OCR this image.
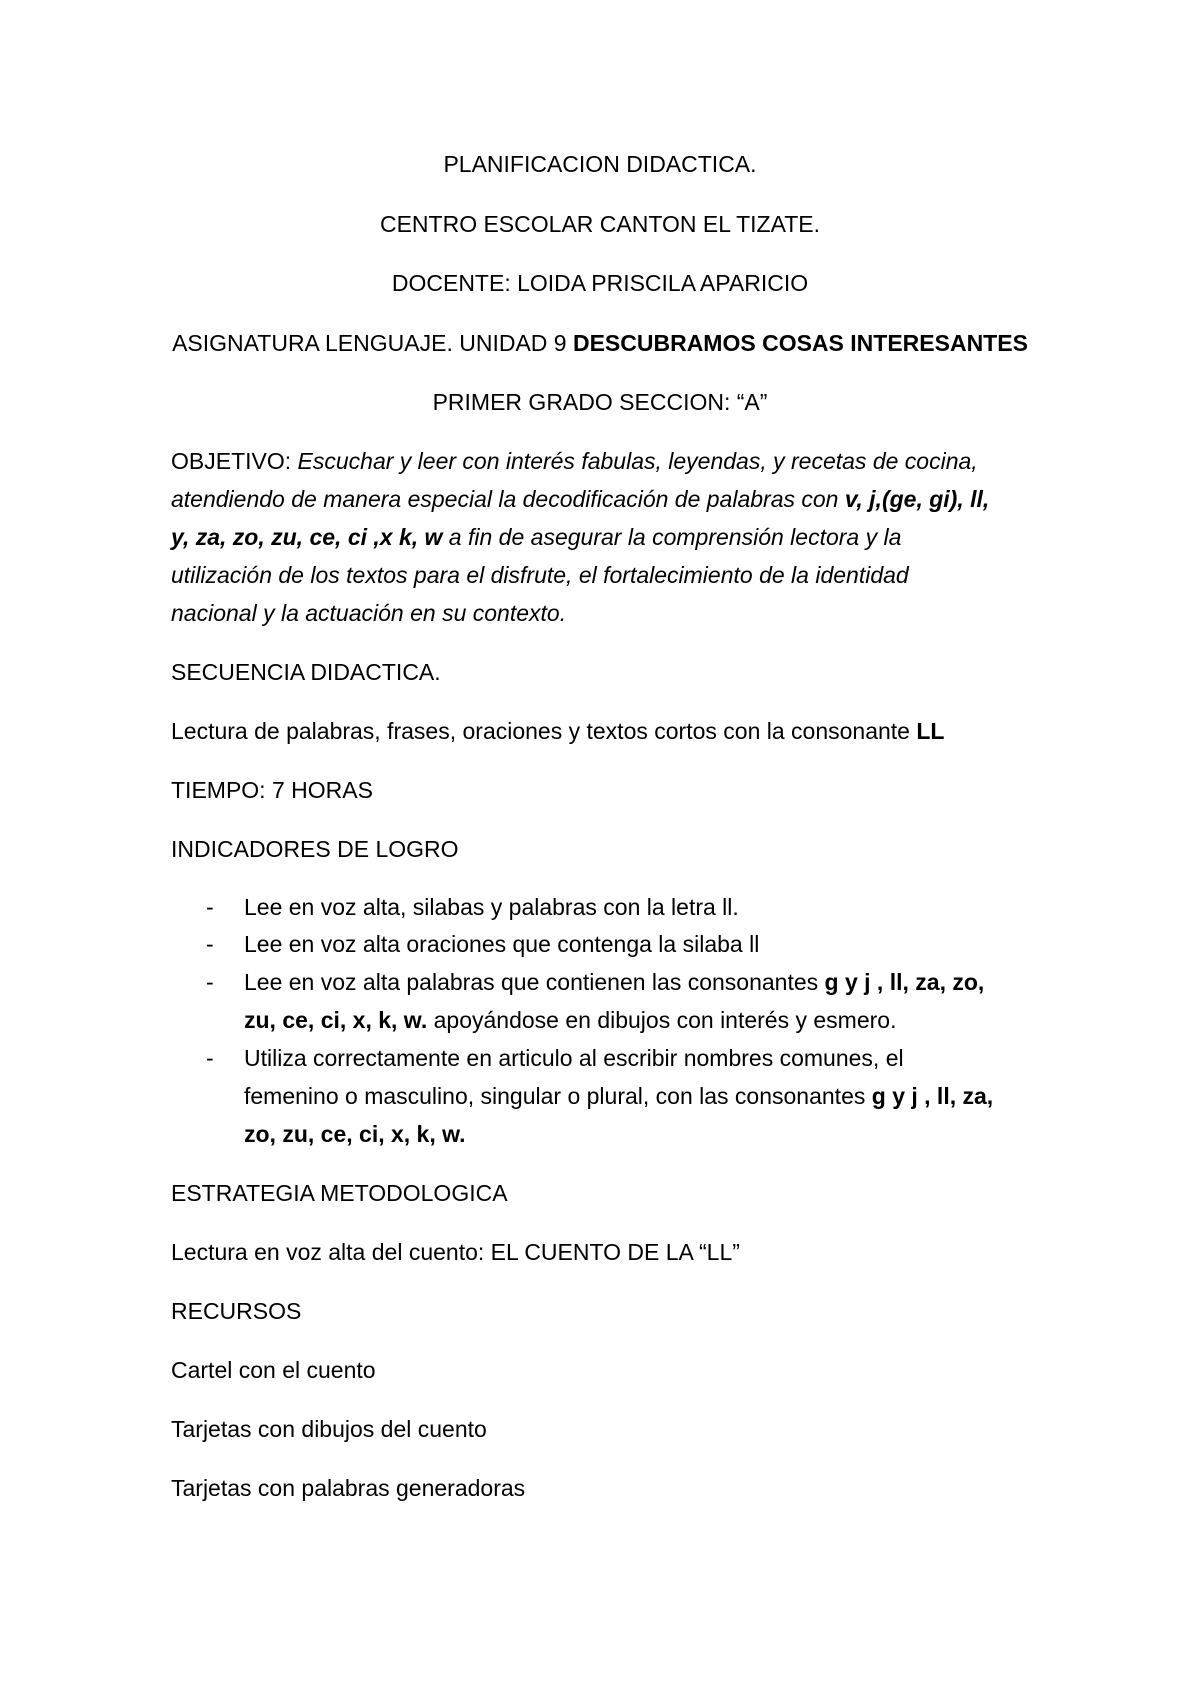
PLANIFICACION DIDACTICA.
CENTRO ESCOLAR CANTON EL TIZATE.
DOCENTE: LOIDA PRISCILA APARICIO
ASIGNATURA LENGUAJE. UNIDAD 9 DESCUBRAMOS COSAS INTERESANTES
PRIMER GRADO SECCION: “A”
OBJETIVO: Escuchar y leer con interés fabulas, leyendas, y recetas de cocina,
atendiendo de manera especial la decodificación de palabras con v, j,(ge, gi), ll,
y, za, zo, zu, ce, ci ,x k, w a fin de asegurar la comprensión lectora y la
utilización de los textos para el disfrute, el fortalecimiento de la identidad
nacional y la actuación en su contexto.
SECUENCIA DIDACTICA.
Lectura de palabras, frases, oraciones y textos cortos con la consonante LL
TIEMPO: 7 HORAS
INDICADORES DE LOGRO
- Lee en voz alta, silabas y palabras con la letra ll.
- Lee en voz alta oraciones que contenga la silaba ll
- Lee en voz alta palabras que contienen las consonantes g y j , ll, za, zo,
zu, ce, ci, x, k, w. apoyándose en dibujos con interés y esmero.
- Utiliza correctamente en articulo al escribir nombres comunes, el
femenino o masculino, singular o plural, con las consonantes g y j , ll, za,
zo, zu, ce, ci, x, k, w.
ESTRATEGIA METODOLOGICA
Lectura en voz alta del cuento: EL CUENTO DE LA “LL”
RECURSOS
Cartel con el cuento
Tarjetas con dibujos del cuento
Tarjetas con palabras generadoras
